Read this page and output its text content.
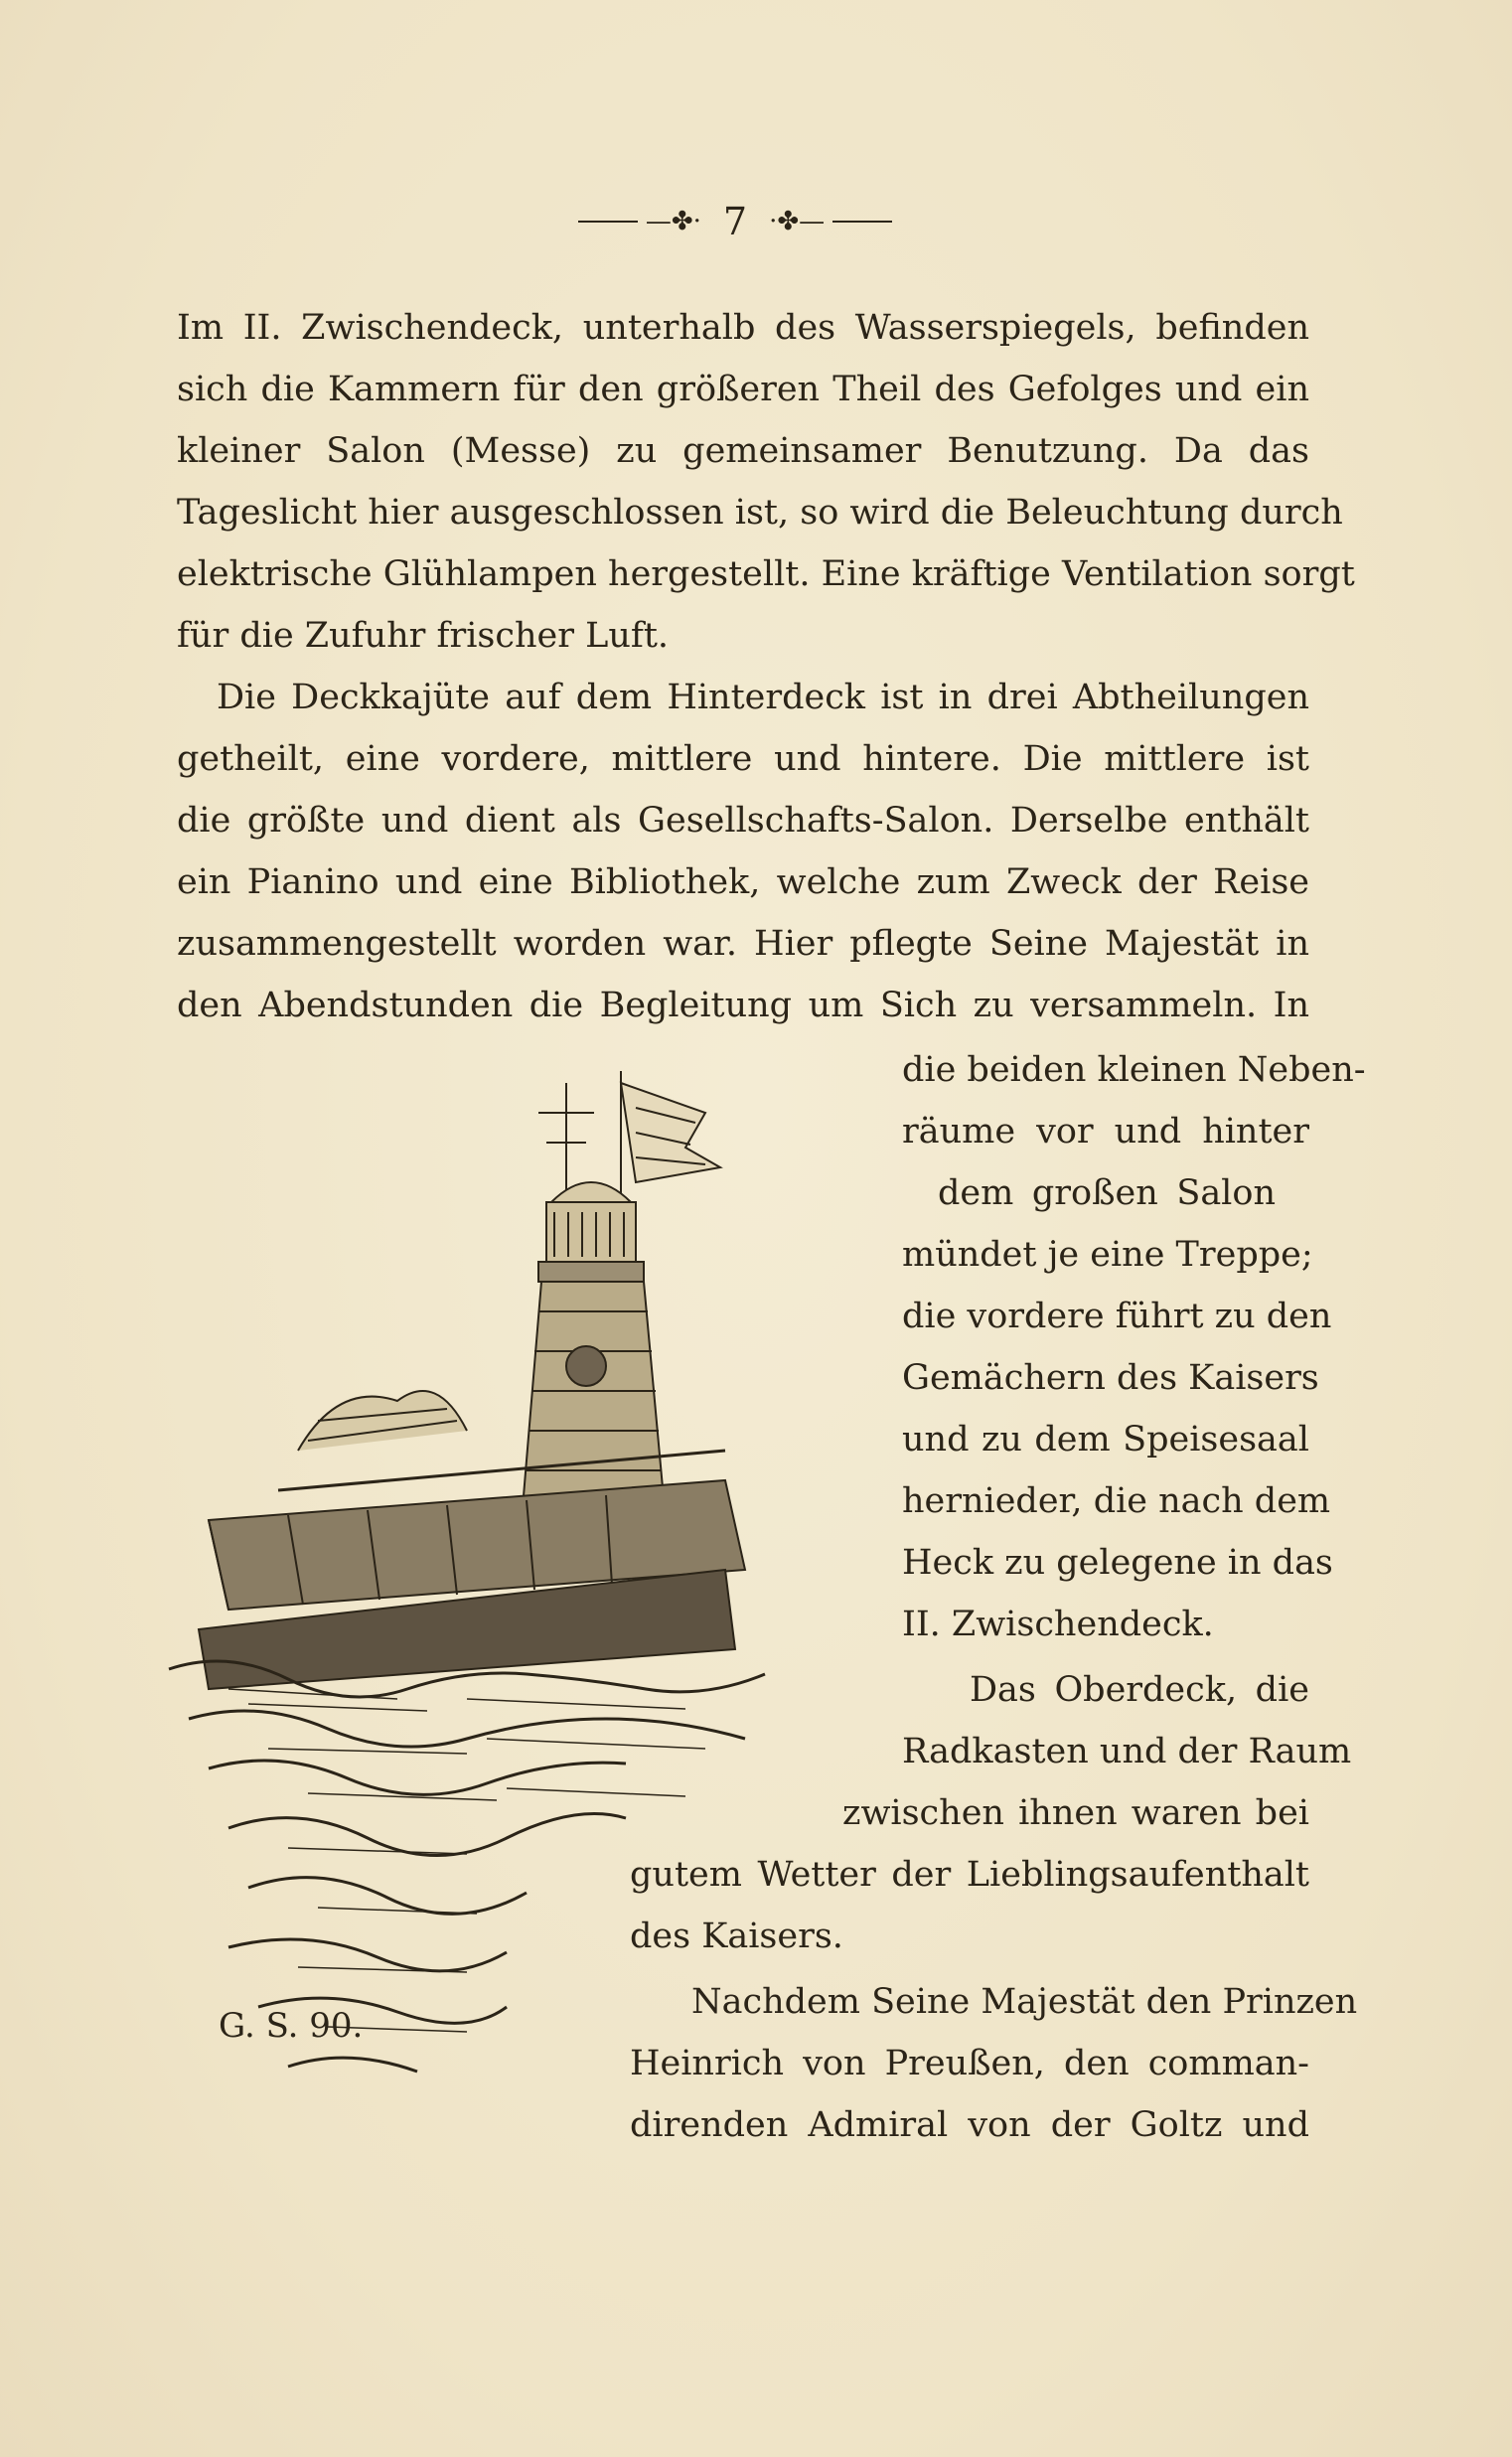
—✤· 7 ·✤—
Im II. Zwischendeck, unterhalb des Wasserspiegels, befinden
sich die Kammern für den größeren Theil des Gefolges und ein
kleiner Salon (Messe) zu gemeinsamer Benutzung. Da das
Tageslicht hier ausgeschlossen ist, so wird die Beleuchtung durch
elektrische Glühlampen hergestellt. Eine kräftige Ventilation sorgt
für die Zufuhr frischer Luft.
Die Deckkajüte auf dem Hinterdeck ist in drei Abtheilungen
getheilt, eine vordere, mittlere und hintere. Die mittlere ist
die größte und dient als Gesellschafts-Salon. Derselbe enthält
ein Pianino und eine Bibliothek, welche zum Zweck der Reise
zusammengestellt worden war. Hier pflegte Seine Majestät in
den Abendstunden die Begleitung um Sich zu versammeln. In
die beiden kleinen Neben-
räume vor und hinter
dem großen Salon
mündet je eine Treppe;
die vordere führt zu den
Gemächern des Kaisers
und zu dem Speisesaal
hernieder, die nach dem
Heck zu gelegene in das
II. Zwischendeck.
Das Oberdeck, die
Radkasten und der Raum
zwischen ihnen waren bei
gutem Wetter der Lieblingsaufenthalt
des Kaisers.
Nachdem Seine Majestät den Prinzen
Heinrich von Preußen, den comman-
direnden Admiral von der Goltz und
G. S. 90.
